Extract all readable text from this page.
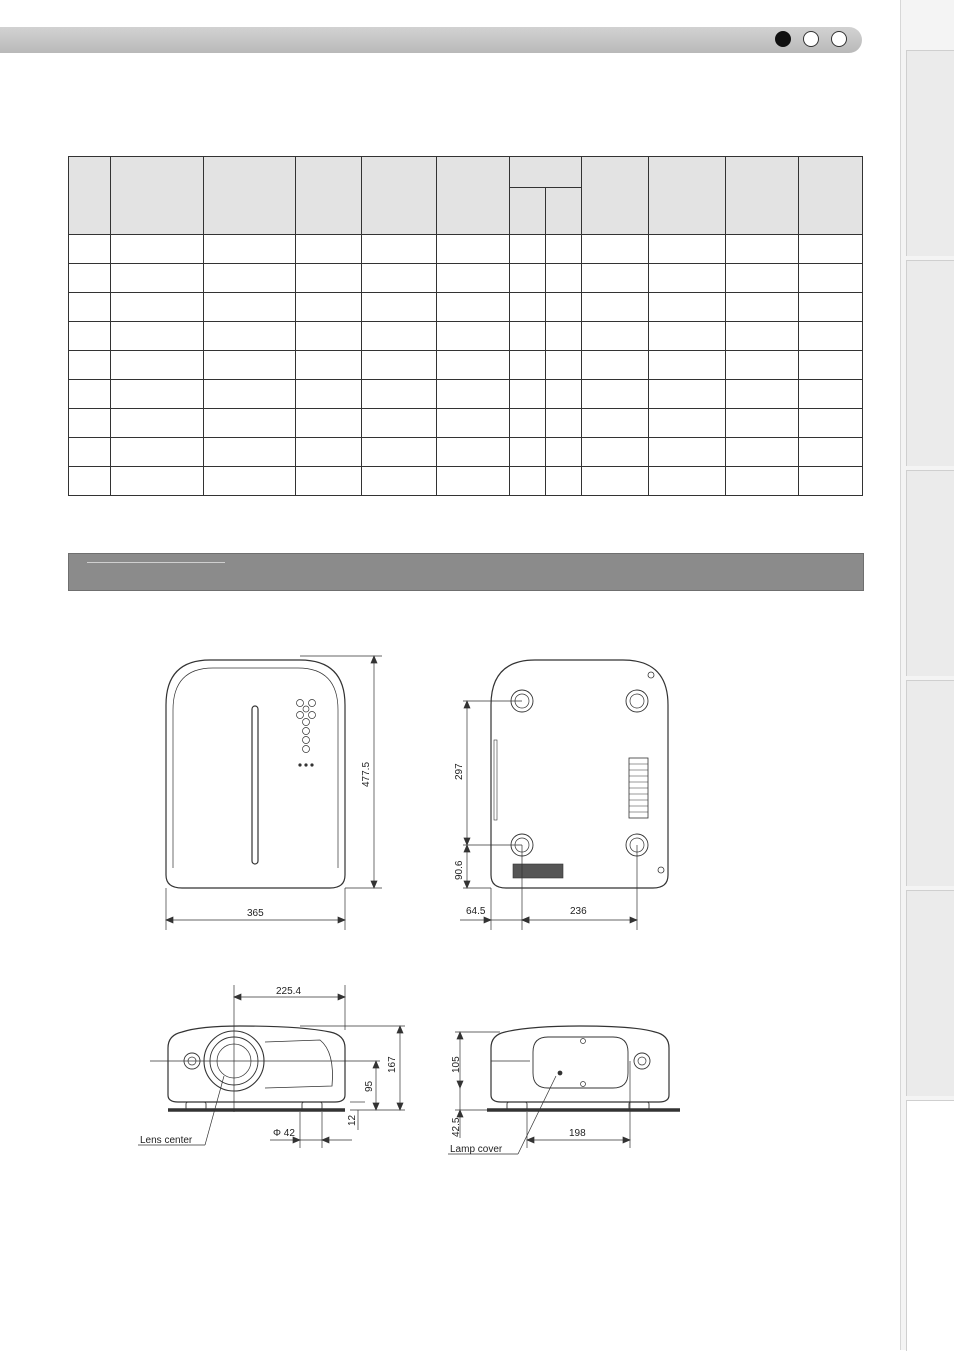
365
477.5	297
90.6
64.5	236
225.4
167
95
12
Φ 42
Lens center
105
42.5	198
Lamp cover
